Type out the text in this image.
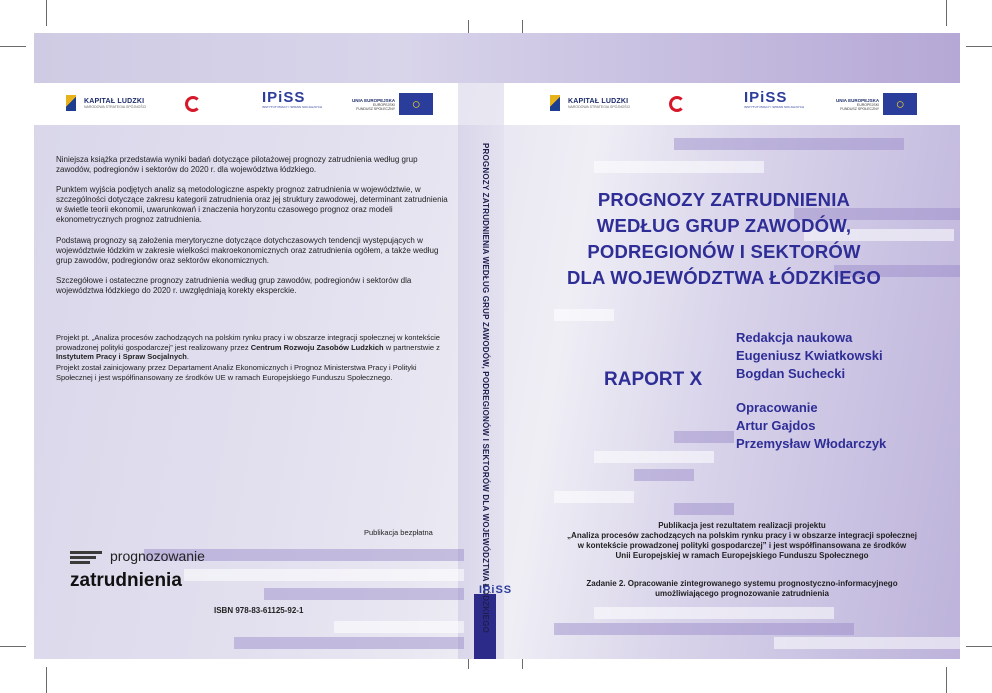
KAPITAŁ LUDZKI
NARODOWA STRATEGIA SPÓJNOŚCI
IPiSS
INSTYTUT PRACY I SPRAW SOCJALNYCH
UNIA EUROPEJSKA
EUROPEJSKI
FUNDUSZ SPOŁECZNY	○	KAPITAŁ LUDZKI
NARODOWA STRATEGIA SPÓJNOŚCI
IPiSS
INSTYTUT PRACY I SPRAW SOCJALNYCH
UNIA EUROPEJSKA
EUROPEJSKI
FUNDUSZ SPOŁECZNY	○

Niniejsza książka przedstawia wyniki badań dotyczące pilotażowej prognozy zatrudnienia według grup zawodów, podregionów i sektorów do 2020 r. dla województwa łódzkiego.

Punktem wyjścia podjętych analiz są metodologiczne aspekty prognoz zatrudnienia w województwie, w szczególności dotyczące zakresu kategorii zatrudnienia oraz jej struktury zawodowej, determinant zatrudnienia w świetle teorii ekonomii, uwarunkowań i znaczenia horyzontu czasowego prognoz oraz modeli ekonometrycznych prognoz zatrudnienia.

Podstawą prognozy są założenia merytoryczne dotyczące dotychczasowych tendencji występujących w województwie łódzkim w zakresie wielkości makroekonomicznych oraz zatrudnienia ogółem, a także według grup zawodów, podregionów oraz sektorów ekonomicznych.

Szczegółowe i ostateczne prognozy zatrudnienia według grup zawodów, podregionów i sektorów dla województwa łódzkiego do 2020 r. uwzględniają korekty eksperckie.

Projekt pt. „Analiza procesów zachodzących na polskim rynku pracy i w obszarze integracji społecznej w kontekście prowadzonej polityki gospodarczej” jest realizowany przez Centrum Rozwoju Zasobów Ludzkich w partnerstwie z Instytutem Pracy i Spraw Socjalnych.

Projekt został zainicjowany przez Departament Analiz Ekonomicznych i Prognoz Ministerstwa Pracy i Polityki Społecznej i jest współfinansowany ze środków UE w ramach Europejskiego Funduszu Społecznego.

Publikacja bezpłatna
prognozowanie
zatrudnienia
ISBN 978-83-61125-92-1	PROGNOZY ZATRUDNIENIA WEDŁUG GRUP ZAWODÓW, PODREGIONÓW I SEKTORÓW DLA WOJEWÓDZTWA ŁÓDZKIEGO
IPiSS
PROGNOZY ZATRUDNIENIA
WEDŁUG GRUP ZAWODÓW,
PODREGIONÓW I SEKTORÓW
DLA WOJEWÓDZTWA ŁÓDZKIEGO
RAPORT X
Redakcja naukowa
Eugeniusz Kwiatkowski
Bogdan Suchecki
Opracowanie
Artur Gajdos
Przemysław Włodarczyk

Publikacja jest rezultatem realizacji projektu
„Analiza procesów zachodzących na polskim rynku pracy i w obszarze integracji społecznej
w kontekście prowadzonej polityki gospodarczej” i jest współfinansowana ze środków
Unii Europejskiej w ramach Europejskiego Funduszu Społecznego

Zadanie 2. Opracowanie zintegrowanego systemu prognostyczno-informacyjnego
umożliwiającego prognozowanie zatrudnienia
